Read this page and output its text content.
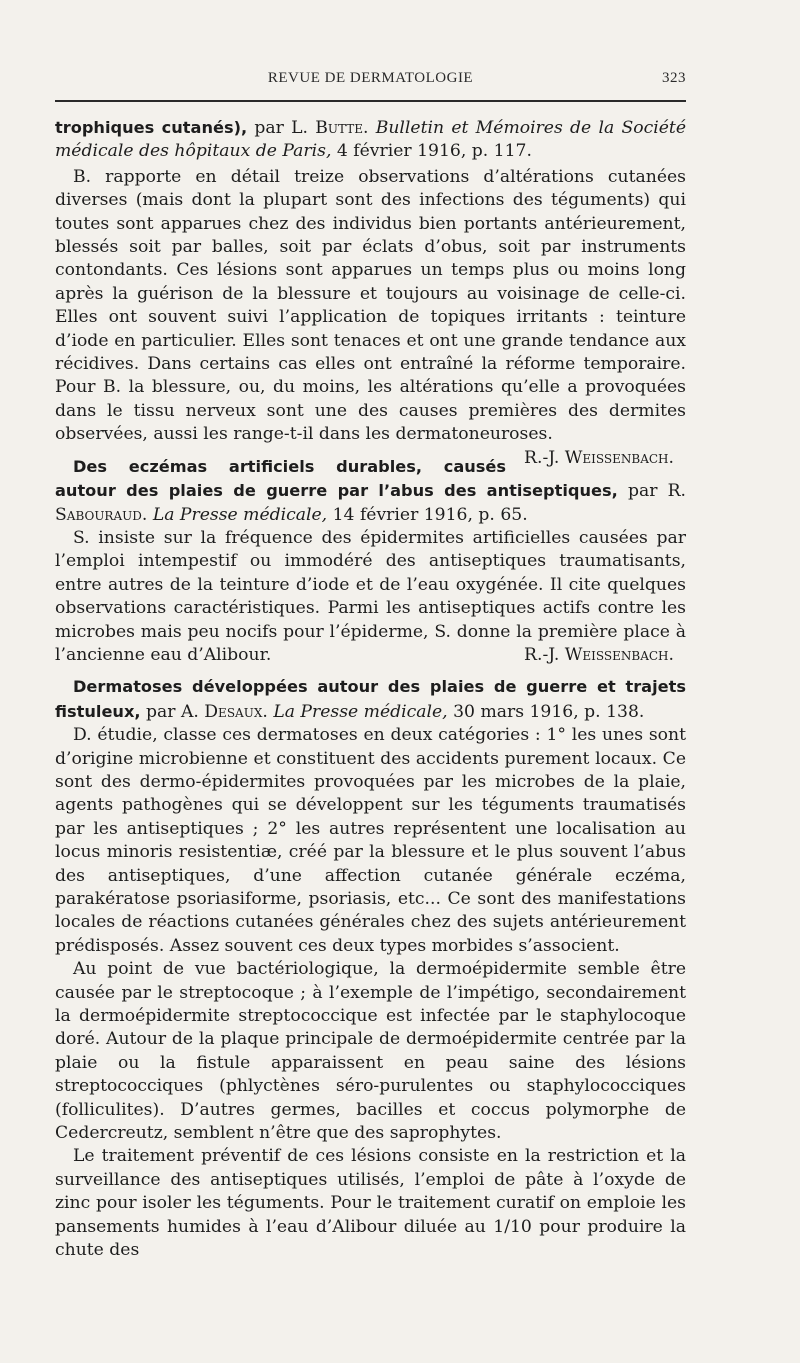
REVUE DE DERMATOLOGIE	323

trophiques cutanés), par L. Butte. Bulletin et Mémoires de la Société médicale des hôpitaux de Paris, 4 février 1916, p. 117.

B. rapporte en détail treize observations d’altérations cutanées diverses (mais dont la plupart sont des infections des téguments) qui toutes sont apparues chez des individus bien portants antérieurement, blessés soit par balles, soit par éclats d’obus, soit par instruments contondants. Ces lésions sont apparues un temps plus ou moins long après la guérison de la blessure et toujours au voisinage de celle-ci. Elles ont souvent suivi l’application de topiques irritants : teinture d’iode en particulier. Elles sont tenaces et ont une grande tendance aux récidives. Dans certains cas elles ont entraîné la réforme temporaire. Pour B. la blessure, ou, du moins, les altérations qu’elle a provoquées dans le tissu nerveux sont une des causes premières des dermites observées, aussi les range-t-il dans les dermatoneuroses.
R.-J. Weissenbach.

Des eczémas artificiels durables, causés autour des plaies de guerre par l’abus des antiseptiques, par R. Sabouraud. La Presse médicale, 14 février 1916, p. 65.

S. insiste sur la fréquence des épidermites artificielles causées par l’emploi intempestif ou immodéré des antiseptiques traumatisants, entre autres de la teinture d’iode et de l’eau oxygénée. Il cite quelques observations caractéristiques. Parmi les antiseptiques actifs contre les microbes mais peu nocifs pour l’épiderme, S. donne la première place à l’ancienne eau d’Alibour.	R.-J. Weissenbach.

Dermatoses développées autour des plaies de guerre et trajets fistuleux, par A. Desaux. La Presse médicale, 30 mars 1916, p. 138.

D. étudie, classe ces dermatoses en deux catégories : 1° les unes sont d’origine microbienne et constituent des accidents purement locaux. Ce sont des dermo-épidermites provoquées par les microbes de la plaie, agents pathogènes qui se développent sur les téguments traumatisés par les antiseptiques ; 2° les autres représentent une localisation au locus minoris resistentiæ, créé par la blessure et le plus souvent l’abus des antiseptiques, d’une affection cutanée générale eczéma, parakératose psoriasiforme, psoriasis, etc... Ce sont des manifestations locales de réactions cutanées générales chez des sujets antérieurement prédisposés. Assez souvent ces deux types morbides s’associent.

Au point de vue bactériologique, la dermoépidermite semble être causée par le streptocoque ; à l’exemple de l’impétigo, secondairement la dermoépidermite streptococcique est infectée par le staphylocoque doré. Autour de la plaque principale de dermoépidermite centrée par la plaie ou la fistule apparaissent en peau saine des lésions streptococciques (phlyctènes séro-purulentes ou staphylococciques (folliculites). D’autres germes, bacilles et coccus polymorphe de Cedercreutz, semblent n’être que des saprophytes.

Le traitement préventif de ces lésions consiste en la restriction et la surveillance des antiseptiques utilisés, l’emploi de pâte à l’oxyde de zinc pour isoler les téguments. Pour le traitement curatif on emploie les pansements humides à l’eau d’Alibour diluée au 1/10 pour produire la chute des
